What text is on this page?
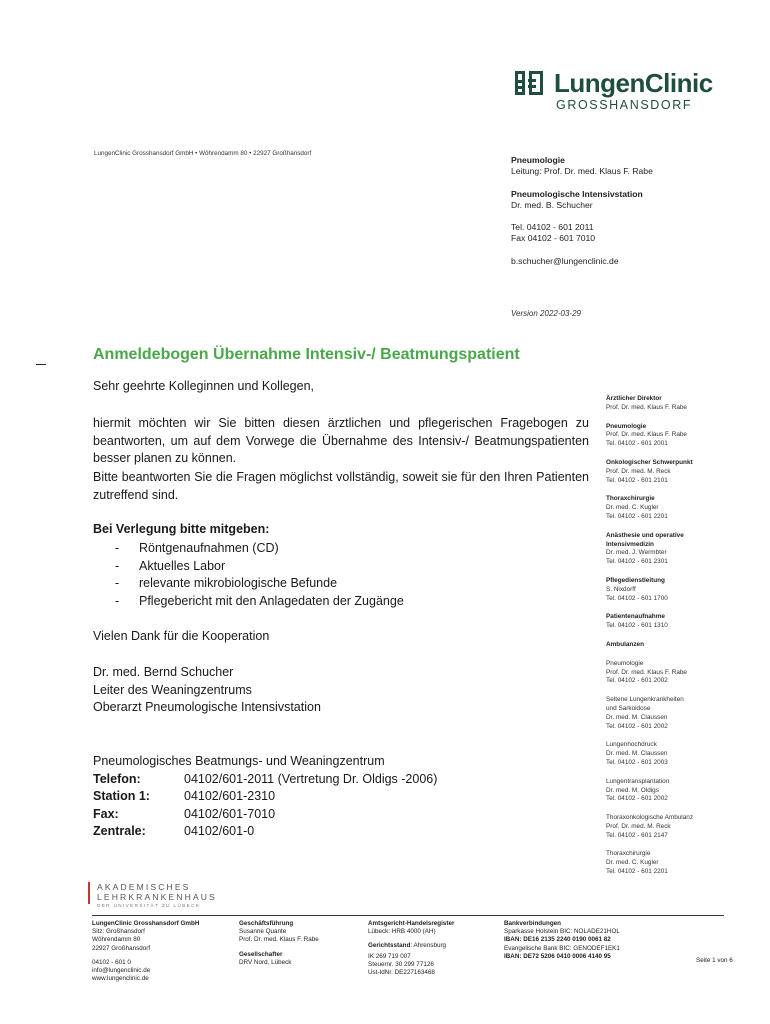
LungenClinic
GROSSHANSDORF
LungenClinic Grosshansdorf GmbH • Wöhrendamm 80 • 22927 Großhansdorf
Pneumologie
Leitung: Prof. Dr. med. Klaus F. Rabe
Pneumologische Intensivstation
Dr. med. B. Schucher
Tel. 04102 - 601 2011
Fax 04102 - 601 7010
b.schucher@lungenclinic.de
Version 2022-03-29
Anmeldebogen Übernahme Intensiv-/ Beatmungspatient
Sehr geehrte Kolleginnen und Kollegen,
hiermit möchten wir Sie bitten diesen ärztlichen und pflegerischen Fragebogen zu beantworten, um auf dem Vorwege die Übernahme des Intensiv-/ Beatmungspatienten besser planen zu können.
Bitte beantworten Sie die Fragen möglichst vollständig, soweit sie für den Ihren Patienten zutreffend sind.
Bei Verlegung bitte mitgeben:
- Röntgenaufnahmen (CD)
- Aktuelles Labor
- relevante mikrobiologische Befunde
- Pflegebericht mit den Anlagedaten der Zugänge
Vielen Dank für die Kooperation
Dr. med. Bernd Schucher
Leiter des Weaningzentrums
Oberarzt Pneumologische Intensivstation
Pneumologisches Beatmungs- und Weaningzentrum
Telefon:	04102/601-2011 (Vertretung Dr. Oldigs -2006)
Station 1:	04102/601-2310
Fax:	04102/601-7010
Zentrale:	04102/601-0
Ärztlicher Direktor
Prof. Dr. med. Klaus F. Rabe
Pneumologie
Prof. Dr. med. Klaus F. Rabe
Tel. 04102 - 601 2001
Onkologischer Schwerpunkt
Prof. Dr. med. M. Reck
Tel. 04102 - 601 2101
Thoraxchirurgie
Dr. med. C. Kugler
Tel. 04102 - 601 2201
Anästhesie und operative Intensivmedizin
Dr. med. J. Wermbter
Tel. 04102 - 601 2301
Pflegedienstleitung
S. Nixdorff
Tel. 04102 - 601 1700
Patientenaufnahme
Tel. 04102 - 601 1310
Ambulanzen
Pneumologie
Prof. Dr. med. Klaus F. Rabe
Tel. 04102 - 601 2002
Seltene Lungenkrankheiten
und Sarkoidose
Dr. med. M. Claussen
Tel. 04102 - 601 2002
Lungenhochdruck
Dr. med. M. Claussen
Tel. 04102 - 601 2003
Lungentransplantation
Dr. med. M. Oldigs
Tel. 04102 - 601 2002
Thoraxonkologische Ambulanz
Prof. Dr. med. M. Reck
Tel. 04102 - 601 2147
Thoraxchirurgie
Dr. med. C. Kugler
Tel. 04102 - 601 2201
AKADEMISCHES
LEHRKRANKENHAUS
DER UNIVERSITÄT ZU LÜBECK
LungenClinic Grosshansdorf GmbH
Sitz: Großhansdorf
Wöhrendamm 80
22927 Großhansdorf
04102 - 601 0
info@lungenclinic.de
www.lungenclinic.de
Geschäftsführung
Susanne Quante
Prof. Dr. med. Klaus F. Rabe
Gesellschafter
DRV Nord, Lübeck
Amtsgericht-Handelsregister
Lübeck: HRB 4000 (AH)
Gerichtsstand: Ahrensburg
IK 269 719 007
Steuernr. 30 299 77126
Ust-IdNr. DE227163468
Bankverbindungen
Sparkasse Holstein BIC: NOLADE21HOL
IBAN: DE16 2135 2240 0190 0061 82
Evangelische Bank BIC: GENODEF1EK1
IBAN: DE72 5206 0410 0006 4140 95
Seite 1 von 6
